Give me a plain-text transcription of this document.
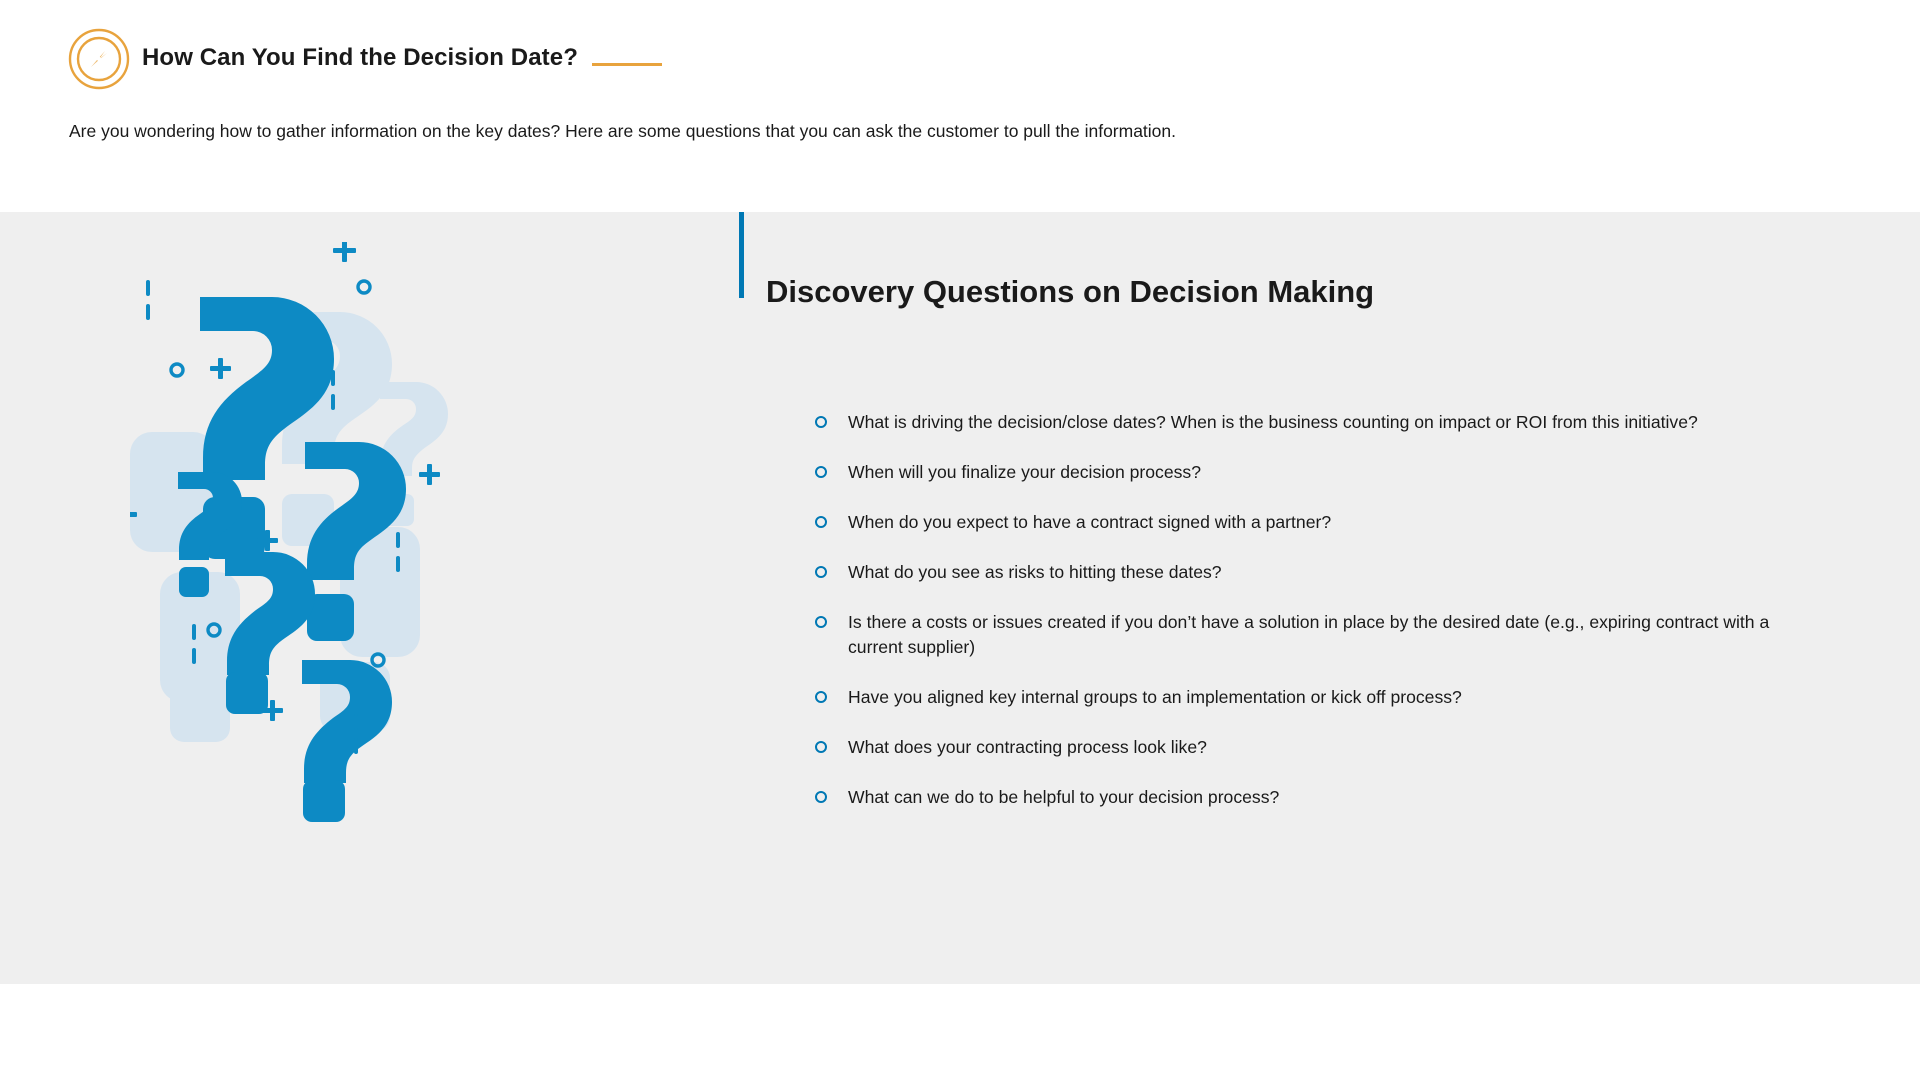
How Can You Find the Decision Date?
Are you wondering how to gather information on the key dates? Here are some questions that you can ask the customer to pull the information.
Discovery Questions on Decision Making
What is driving the decision/close dates? When is the business counting on impact or ROI from this initiative?
When will you finalize your decision process?
When do you expect to have a contract signed with a partner?
What do you see as risks to hitting these dates?
Is there a costs or issues created if you don’t have a solution in place by the desired date (e.g., expiring contract with a current supplier)
Have you aligned key internal groups to an implementation or kick off process?
What does your contracting process look like?
What can we do to be helpful to your decision process?
